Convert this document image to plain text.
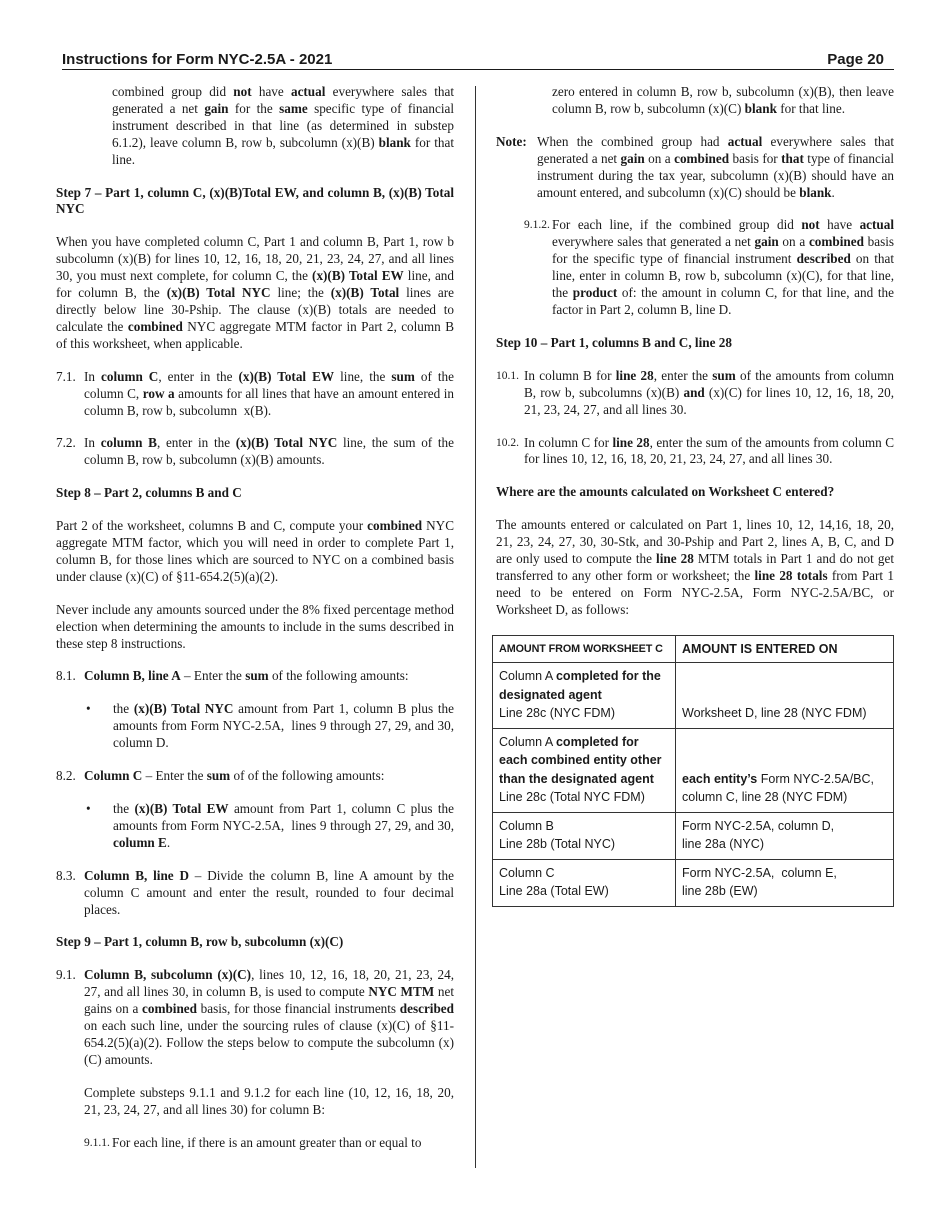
Instructions for Form NYC-2.5A - 2021	Page 20
combined group did not have actual everywhere sales that generated a net gain for the same specific type of financial instrument described in that line (as determined in substep 6.1.2), leave column B, row b, subcolumn (x)(B) blank for that line.
Step 7 – Part 1, column C, (x)(B)Total EW, and column B, (x)(B) Total NYC
When you have completed column C, Part 1 and column B, Part 1, row b subcolumn (x)(B) for lines 10, 12, 16, 18, 20, 21, 23, 24, 27, and all lines 30, you must next complete, for column C, the (x)(B) Total EW line, and for column B, the (x)(B) Total NYC line; the (x)(B) Total lines are directly below line 30-Pship. The clause (x)(B) totals are needed to calculate the combined NYC aggregate MTM factor in Part 2, column B of this worksheet, when applicable.
7.1. In column C, enter in the (x)(B) Total EW line, the sum of the column C, row a amounts for all lines that have an amount entered in column B, row b, subcolumn  x(B).
7.2. In column B, enter in the (x)(B) Total NYC line, the sum of the column B, row b, subcolumn (x)(B) amounts.
Step 8 – Part 2, columns B and C
Part 2 of the worksheet, columns B and C, compute your combined NYC aggregate MTM factor, which you will need in order to complete Part 1, column B, for those lines which are sourced to NYC on a combined basis under clause (x)(C) of §11-654.2(5)(a)(2).
Never include any amounts sourced under the 8% fixed percentage method election when determining the amounts to include in the sums described in these step 8 instructions.
8.1. Column B, line A – Enter the sum of the following amounts:
•	the (x)(B) Total NYC amount from Part 1, column B plus the amounts from Form NYC-2.5A,  lines 9 through 27, 29, and 30, column D.
8.2. Column C – Enter the sum of of the following amounts:
•	the (x)(B) Total EW amount from Part 1, column C plus the amounts from Form NYC-2.5A,  lines 9 through 27, 29, and 30, column E.
8.3. Column B, line D – Divide the column B, line A amount by the column C amount and enter the result, rounded to four decimal places.
Step 9 – Part 1, column B, row b, subcolumn (x)(C)
9.1. Column B, subcolumn (x)(C), lines 10, 12, 16, 18, 20, 21, 23, 24, 27, and all lines 30, in column B, is used to compute NYC MTM net gains on a combined basis, for those financial instruments described on each such line, under the sourcing rules of clause (x)(C) of §11-654.2(5)(a)(2). Follow the steps below to compute the subcolumn (x)(C) amounts.
Complete substeps 9.1.1 and 9.1.2 for each line (10, 12, 16, 18, 20, 21, 23, 24, 27, and all lines 30) for column B:
9.1.1. For each line, if there is an amount greater than or equal to
zero entered in column B, row b, subcolumn (x)(B), then leave column B, row b, subcolumn (x)(C) blank for that line.
Note: When the combined group had actual everywhere sales that generated a net gain on a combined basis for that type of financial instrument during the tax year, subcolumn (x)(B) should have an amount entered, and subcolumn (x)(C) should be blank.
9.1.2. For each line, if the combined group did not have actual everywhere sales that generated a net gain on a combined basis for the specific type of financial instrument described on that line, enter in column B, row b, subcolumn (x)(C), for that line, the product of: the amount in column C, for that line, and the factor in Part 2, column B, line D.
Step 10 – Part 1, columns B and C, line 28
10.1. In column B for line 28, enter the sum of the amounts from column B, row b, subcolumns (x)(B) and (x)(C) for lines 10, 12, 16, 18, 20, 21, 23, 24, 27, and all lines 30.
10.2. In column C for line 28, enter the sum of the amounts from column C for lines 10, 12, 16, 18, 20, 21, 23, 24, 27, and all lines 30.
Where are the amounts calculated on Worksheet C entered?
The amounts entered or calculated on Part 1, lines 10, 12, 14,16, 18, 20, 21, 23, 24, 27, 30, 30-Stk, and 30-Pship and Part 2, lines A, B, C, and D are only used to compute the line 28 MTM totals in Part 1 and do not get transferred to any other form or worksheet; the line 28 totals from Part 1 need to be entered on Form NYC-2.5A, Form NYC-2.5A/BC, or Worksheet D, as follows:
AMOUNT FROM WORKSHEET C	AMOUNT IS ENTERED ON
Column A completed for the designated agent
Line 28c (NYC FDM)	Worksheet D, line 28 (NYC FDM)
Column A completed for each combined entity other than the designated agent
Line 28c (Total NYC FDM)	each entity’s Form NYC-2.5A/BC, column C, line 28 (NYC FDM)
Column B
Line 28b (Total NYC)	Form NYC-2.5A, column D,
line 28a (NYC)
Column C
Line 28a (Total EW)	Form NYC-2.5A,  column E,
line 28b (EW)
